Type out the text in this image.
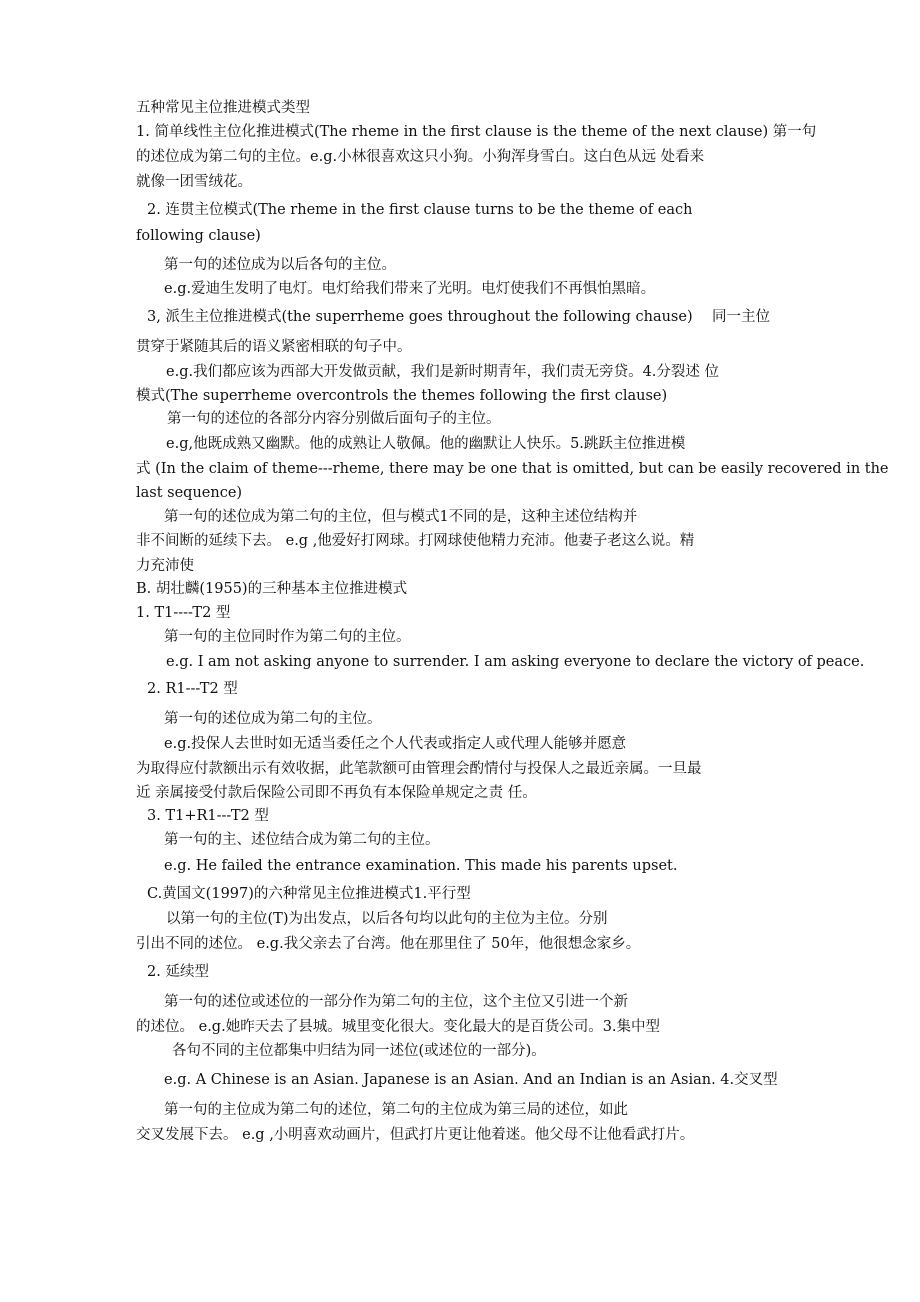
五种常见主位推进模式类型
1. 简单线性主位化推进模式(The rheme in the first clause is the theme of the next clause) 第一句
的述位成为第二句的主位。e.g.小林很喜欢这只小狗。小狗浑身雪白。这白色从远 处看来
就像一团雪绒花。
2. 连贯主位模式(The rheme in the first clause turns to be the theme of each
following clause)
第一句的述位成为以后各句的主位。
e.g.爱迪生发明了电灯。电灯给我们带来了光明。电灯使我们不再惧怕黑暗。
3, 派生主位推进模式(the superrheme goes throughout the following chause) 同一主位
贯穿于紧随其后的语义紧密相联的句子中。
e.g.我们都应该为西部大开发做贡献，我们是新时期青年，我们责无旁贷。4.分裂述 位
模式(The superrheme overcontrols the themes following the first clause)
第一句的述位的各部分内容分别做后面句子的主位。
e.g,他既成熟又幽默。他的成熟让人敬佩。他的幽默让人快乐。5.跳跃主位推进模
式 (In the claim of theme---rheme, there may be one that is omitted, but can be easily recovered in the
last sequence)
第一句的述位成为第二句的主位，但与模式1不同的是，这种主述位结构并
非不间断的延续下去。 e.g ,他爱好打网球。打网球使他精力充沛。他妻子老这么说。精
力充沛使
B. 胡壮麟(1955)的三种基本主位推进模式
1. T1----T2 型
第一句的主位同时作为第二句的主位。
e.g. I am not asking anyone to surrender. I am asking everyone to declare the victory of peace.
2. R1---T2 型
第一句的述位成为第二句的主位。
e.g.投保人去世时如无适当委任之个人代表或指定人或代理人能够并愿意
为取得应付款额出示有效收据，此笔款额可由管理会酌情付与投保人之最近亲属。一旦最
近 亲属接受付款后保险公司即不再负有本保险单规定之责 任。
3. T1+R1---T2 型
第一句的主、述位结合成为第二句的主位。
e.g. He failed the entrance examination. This made his parents upset.
C.黄国文(1997)的六种常见主位推进模式1.平行型
以第一句的主位(T)为出发点，以后各句均以此句的主位为主位。分别
引出不同的述位。 e.g.我父亲去了台湾。他在那里住了 50年，他很想念家乡。
2. 延续型
第一句的述位或述位的一部分作为第二句的主位，这个主位又引进一个新
的述位。 e.g.她昨天去了县城。城里变化很大。变化最大的是百货公司。3.集中型
各句不同的主位都集中归结为同一述位(或述位的一部分)。
e.g. A Chinese is an Asian. Japanese is an Asian. And an Indian is an Asian. 4.交叉型
第一句的主位成为第二句的述位，第二句的主位成为第三局的述位，如此
交叉发展下去。 e.g ,小明喜欢动画片，但武打片更让他着迷。他父母不让他看武打片。
